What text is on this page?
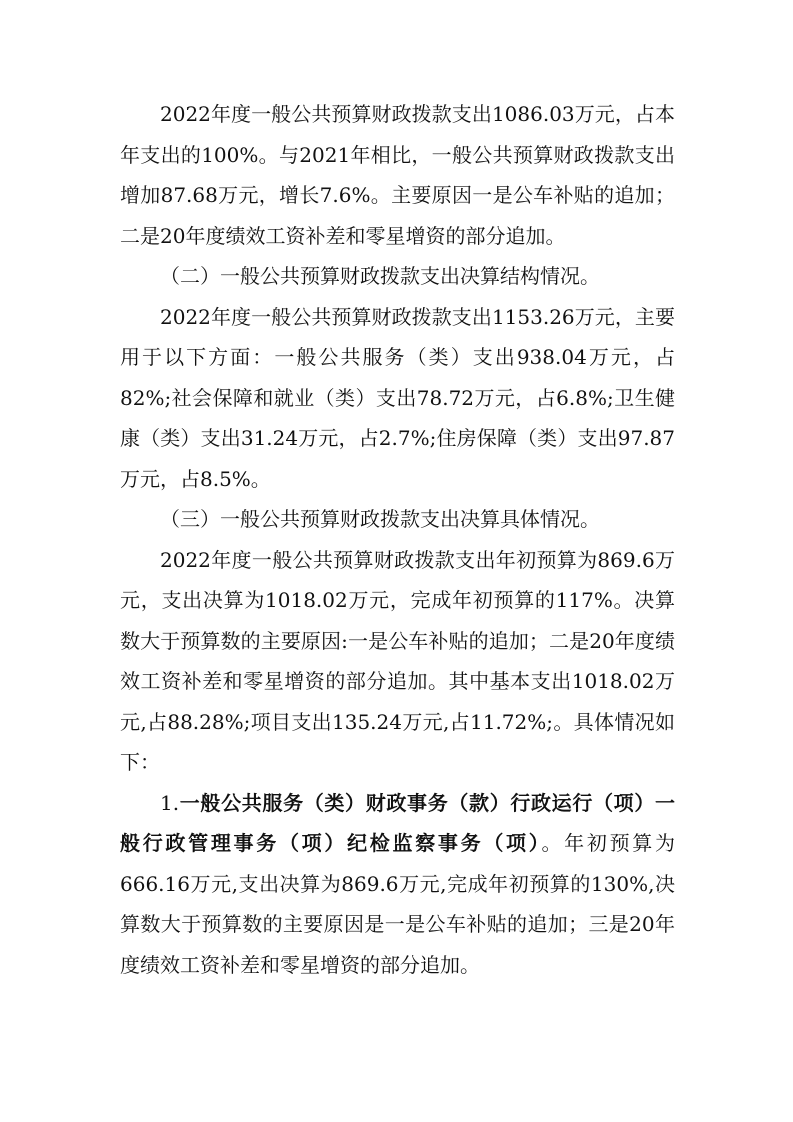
2022年度一般公共预算财政拨款支出1086.03万元，占本年支出的100%。与2021年相比，一般公共预算财政拨款支出增加87.68万元，增长7.6%。主要原因一是公车补贴的追加；二是20年度绩效工资补差和零星增资的部分追加。

（二）一般公共预算财政拨款支出决算结构情况。

2022年度一般公共预算财政拨款支出1153.26万元，主要用于以下方面：一般公共服务（类）支出938.04万元，占82%;社会保障和就业（类）支出78.72万元，占6.8%;卫生健康（类）支出31.24万元，占2.7%;住房保障（类）支出97.87万元，占8.5%。

（三）一般公共预算财政拨款支出决算具体情况。

2022年度一般公共预算财政拨款支出年初预算为869.6万元，支出决算为1018.02万元，完成年初预算的117%。决算数大于预算数的主要原因:一是公车补贴的追加；二是20年度绩效工资补差和零星增资的部分追加。其中基本支出1018.02万元,占88.28%;项目支出135.24万元,占11.72%;。具体情况如下：

1.一般公共服务（类）财政事务（款）行政运行（项）一般行政管理事务（项）纪检监察事务（项）。年初预算为666.16万元,支出决算为869.6万元,完成年初预算的130%,决算数大于预算数的主要原因是一是公车补贴的追加；三是20年度绩效工资补差和零星增资的部分追加。
